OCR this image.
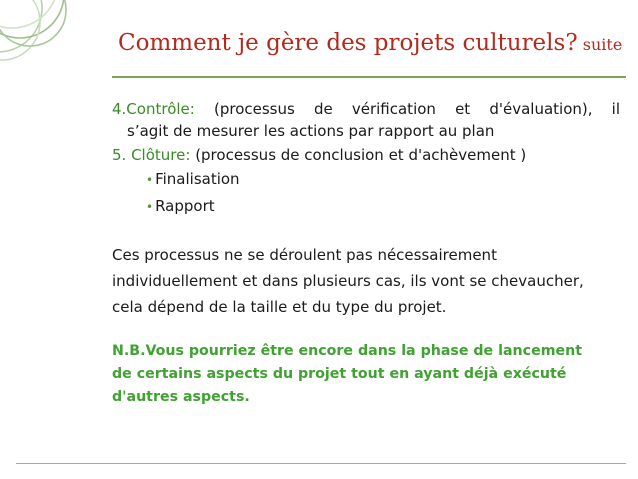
Comment je gère des projets culturels? suite
4.Contrôle: (processus de vérification et d'évaluation), il
s’agit de mesurer les actions par rapport au plan
5. Clôture: (processus de conclusion et d'achèvement )
• Finalisation
• Rapport
Ces processus ne se déroulent pas nécessairement
individuellement et dans plusieurs cas, ils vont se chevaucher,
cela dépend de la taille et du type du projet.
N.B.Vous pourriez être encore dans la phase de lancement
de certains aspects du projet tout en ayant déjà exécuté
d'autres aspects.
